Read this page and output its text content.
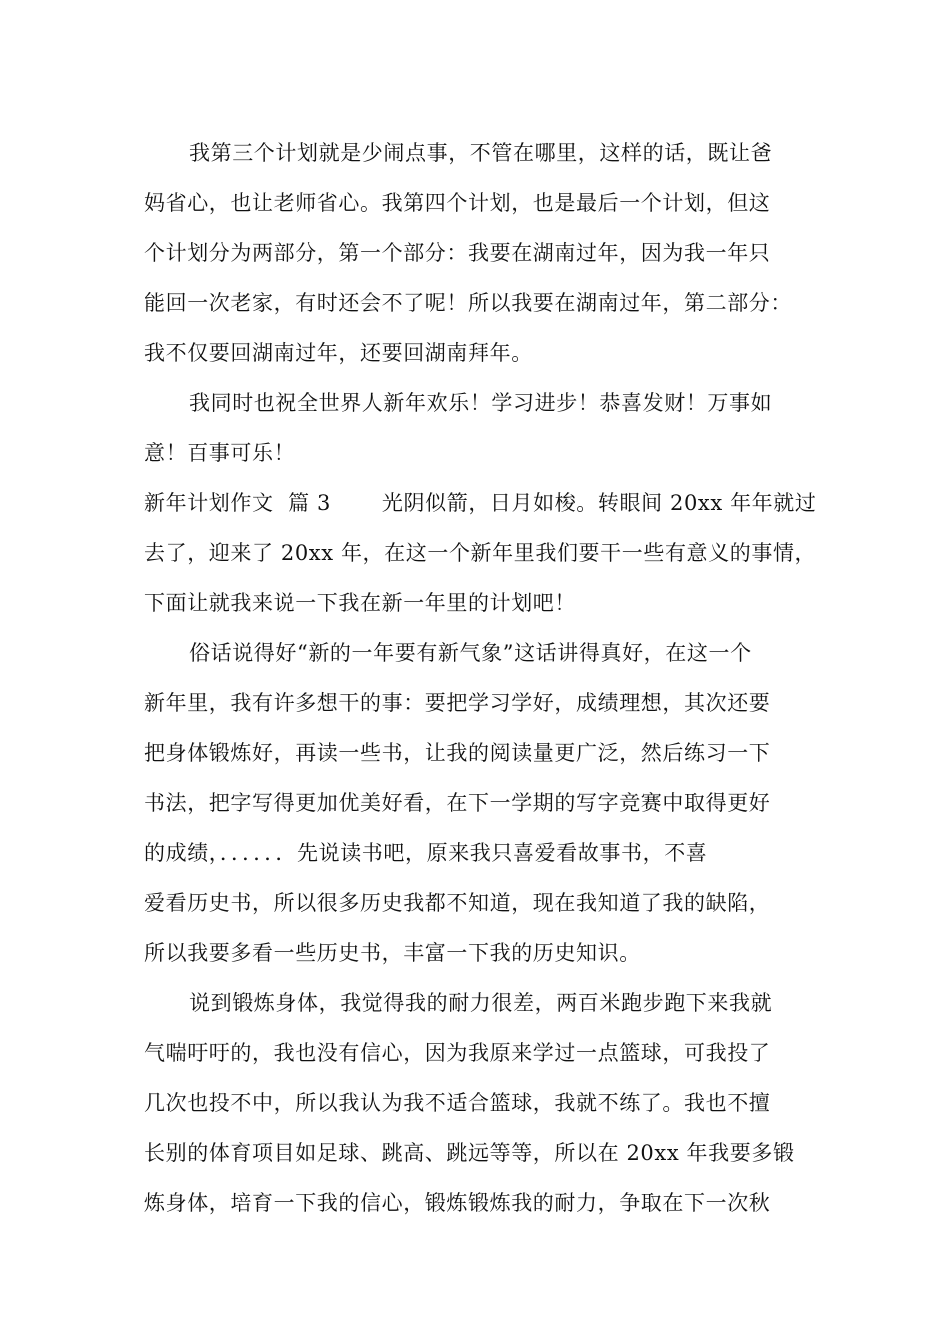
我第三个计划就是少闹点事，不管在哪里，这样的话，既让爸
妈省心，也让老师省心。我第四个计划，也是最后一个计划，但这
个计划分为两部分，第一个部分：我要在湖南过年，因为我一年只
能回一次老家，有时还会不了呢！所以我要在湖南过年，第二部分：
我不仅要回湖南过年，还要回湖南拜年。
我同时也祝全世界人新年欢乐！学习进步！恭喜发财！万事如
意！百事可乐！
新年计划作文  篇 3       光阴似箭，日月如梭。转眼间 20xx 年年就过
去了，迎来了 20xx 年，在这一个新年里我们要干一些有意义的事情，
下面让就我来说一下我在新一年里的计划吧！
俗话说得好“新的一年要有新气象”这话讲得真好，在这一个
新年里，我有许多想干的事：要把学习学好，成绩理想，其次还要
把身体锻炼好，再读一些书，让我的阅读量更广泛，然后练习一下
书法，把字写得更加优美好看，在下一学期的写字竞赛中取得更好
的成绩，．．．．．．先说读书吧，原来我只喜爱看故事书，不喜
爱看历史书，所以很多历史我都不知道，现在我知道了我的缺陷，
所以我要多看一些历史书，丰富一下我的历史知识。
说到锻炼身体，我觉得我的耐力很差，两百米跑步跑下来我就
气喘吁吁的，我也没有信心，因为我原来学过一点篮球，可我投了
几次也投不中，所以我认为我不适合篮球，我就不练了。我也不擅
长别的体育项目如足球、跳高、跳远等等，所以在 20xx 年我要多锻
炼身体，培育一下我的信心，锻炼锻炼我的耐力，争取在下一次秋
